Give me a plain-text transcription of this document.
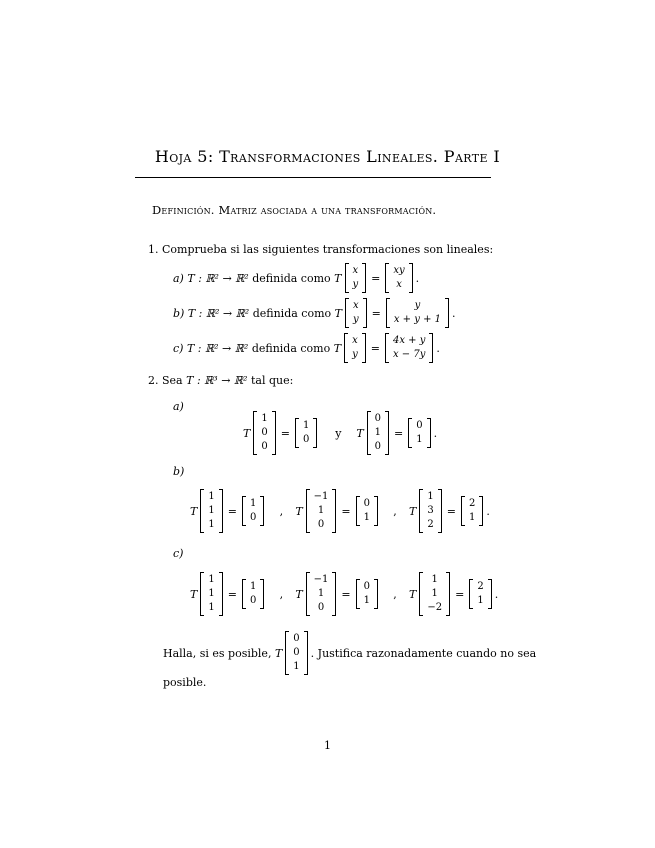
Hoja 5: Transformaciones Lineales. Parte I
Definición. Matriz asociada a una transformación.
1.
Comprueba si las siguientes transformaciones son lineales:
a)
T : ℝ² → ℝ²
definida como
T
x
y =
xy
x .
b)
T : ℝ² → ℝ²
definida como
T
x
y =
y
x + y + 1 .
c)
T : ℝ² → ℝ²
definida como
T
x
y =
4x + y
x − 7y .
2.
Sea
T : ℝ³ → ℝ²
tal que:
a)
T
1
0
0
=
1
0	y	T
0
1
0
=
0
1 .
b)
T
1
1
1
=
1
0	,	T
−1
1
0
=
0
1	,	T
1
3
2
=
2
1 .
c)
T
1
1
1
=
1
0	,	T
−1
1
0
=
0
1	,	T
1
1
−2
=
2
1 .
Halla, si es posible,
T
0
0
1
. Justifica razonadamente cuando no sea
posible.
1
